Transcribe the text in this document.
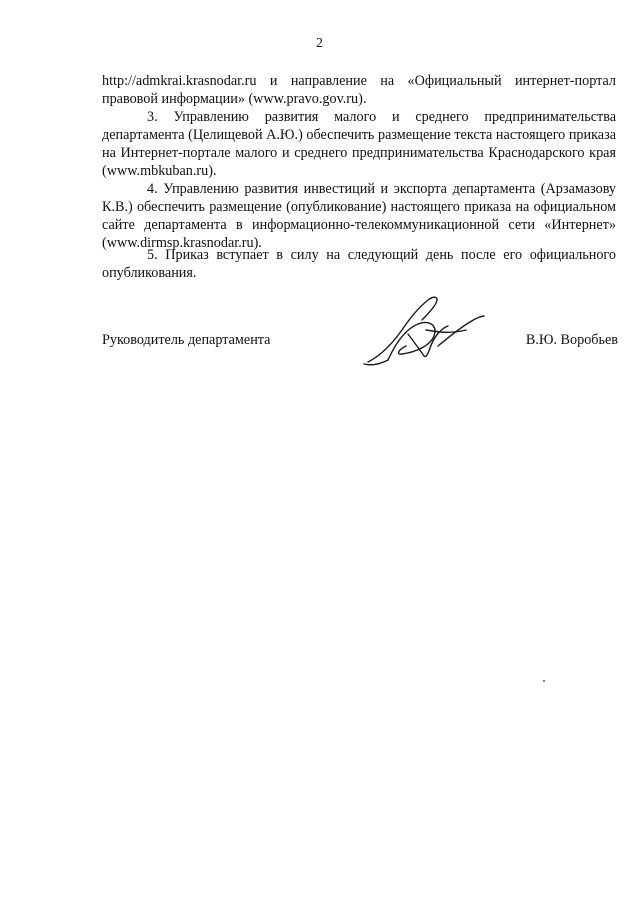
2

http://admkrai.krasnodar.ru и направление на «Официальный интернет-портал правовой информации» (www.pravo.gov.ru).

3. Управлению развития малого и среднего предпринимательства департамента (Целищевой А.Ю.) обеспечить размещение текста настоящего приказа на Интернет-портале малого и среднего предпринимательства Краснодарского края (www.mbkuban.ru).

4. Управлению развития инвестиций и экспорта департамента (Арзамазову К.В.) обеспечить размещение (опубликование) настоящего приказа на официальном сайте департамента в информационно-телекоммуникационной сети «Интернет» (www.dirmsp.krasnodar.ru).

5. Приказ вступает в силу на следующий день после его официального опубликования.

Руководитель департамента	В.Ю. Воробьев
